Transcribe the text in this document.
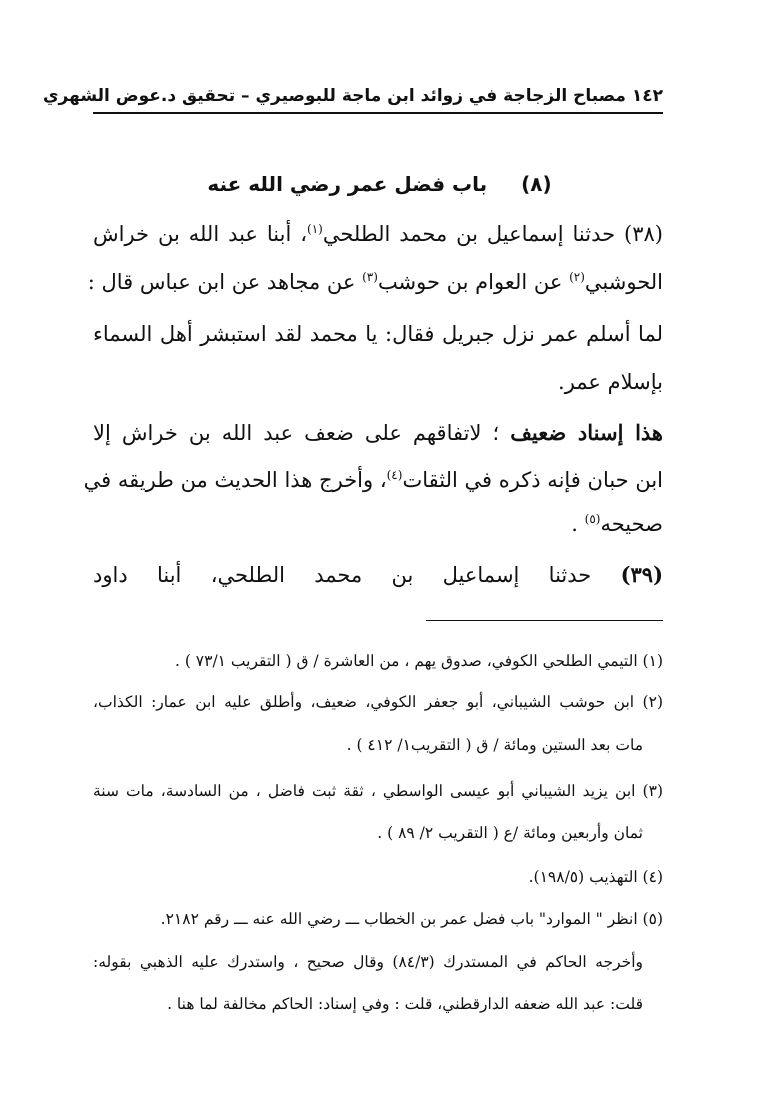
١٤٢ مصباح الزجاجة في زوائد ابن ماجة للبوصيري – تحقيق د.عوض الشهري
(٨)باب فضل عمر رضي الله عنه
(٣٨) حدثنا إسماعيل بن محمد الطلحي$^{(١)}$، أبنا عبد الله بن خراش
الحوشبي$^{(٢)}$ عن العوام بن حوشب$^{(٣)}$ عن مجاهد عن ابن عباس قال :
لما أسلم عمر نزل جبريل فقال: يا محمد لقد استبشر أهل السماء
بإسلام عمر.
هذا إسناد ضعيف ؛ لاتفاقهم على ضعف عبد الله بن خراش إلا
ابن حبان فإنه ذكره في الثقات$^{(٤)}$، وأخرج هذا الحديث من طريقه في
صحيحه$^{(٥)}$ .
(٣٩) حدثنا إسماعيل بن محمد الطلحي، أبنا داود
(١) التيمي الطلحي الكوفي، صدوق يهم ، من العاشرة / ق ( التقريب ٧٣/١ ) .
(٢) ابن حوشب الشيباني، أبو جعفر الكوفي، ضعيف، وأطلق عليه ابن عمار: الكذاب،
مات بعد الستين ومائة / ق ( التقريب١/ ٤١٢ ) .
(٣) ابن يزيد الشيباني أبو عيسى الواسطي ، ثقة ثبت فاضل ، من السادسة، مات سنة
ثمان وأربعين ومائة /ع ( التقريب ٢/ ٨٩ ) .
(٤) التهذيب (١٩٨/٥).
(٥) انظر " الموارد" باب فضل عمر بن الخطاب ـــ رضي الله عنه ـــ رقم ٢١٨٢.
وأخرجه الحاكم في المستدرك (٨٤/٣) وقال صحيح ، واستدرك عليه الذهبي بقوله:
قلت: عبد الله ضعفه الدارقطني، قلت : وفي إسناد: الحاكم مخالفة لما هنا .
